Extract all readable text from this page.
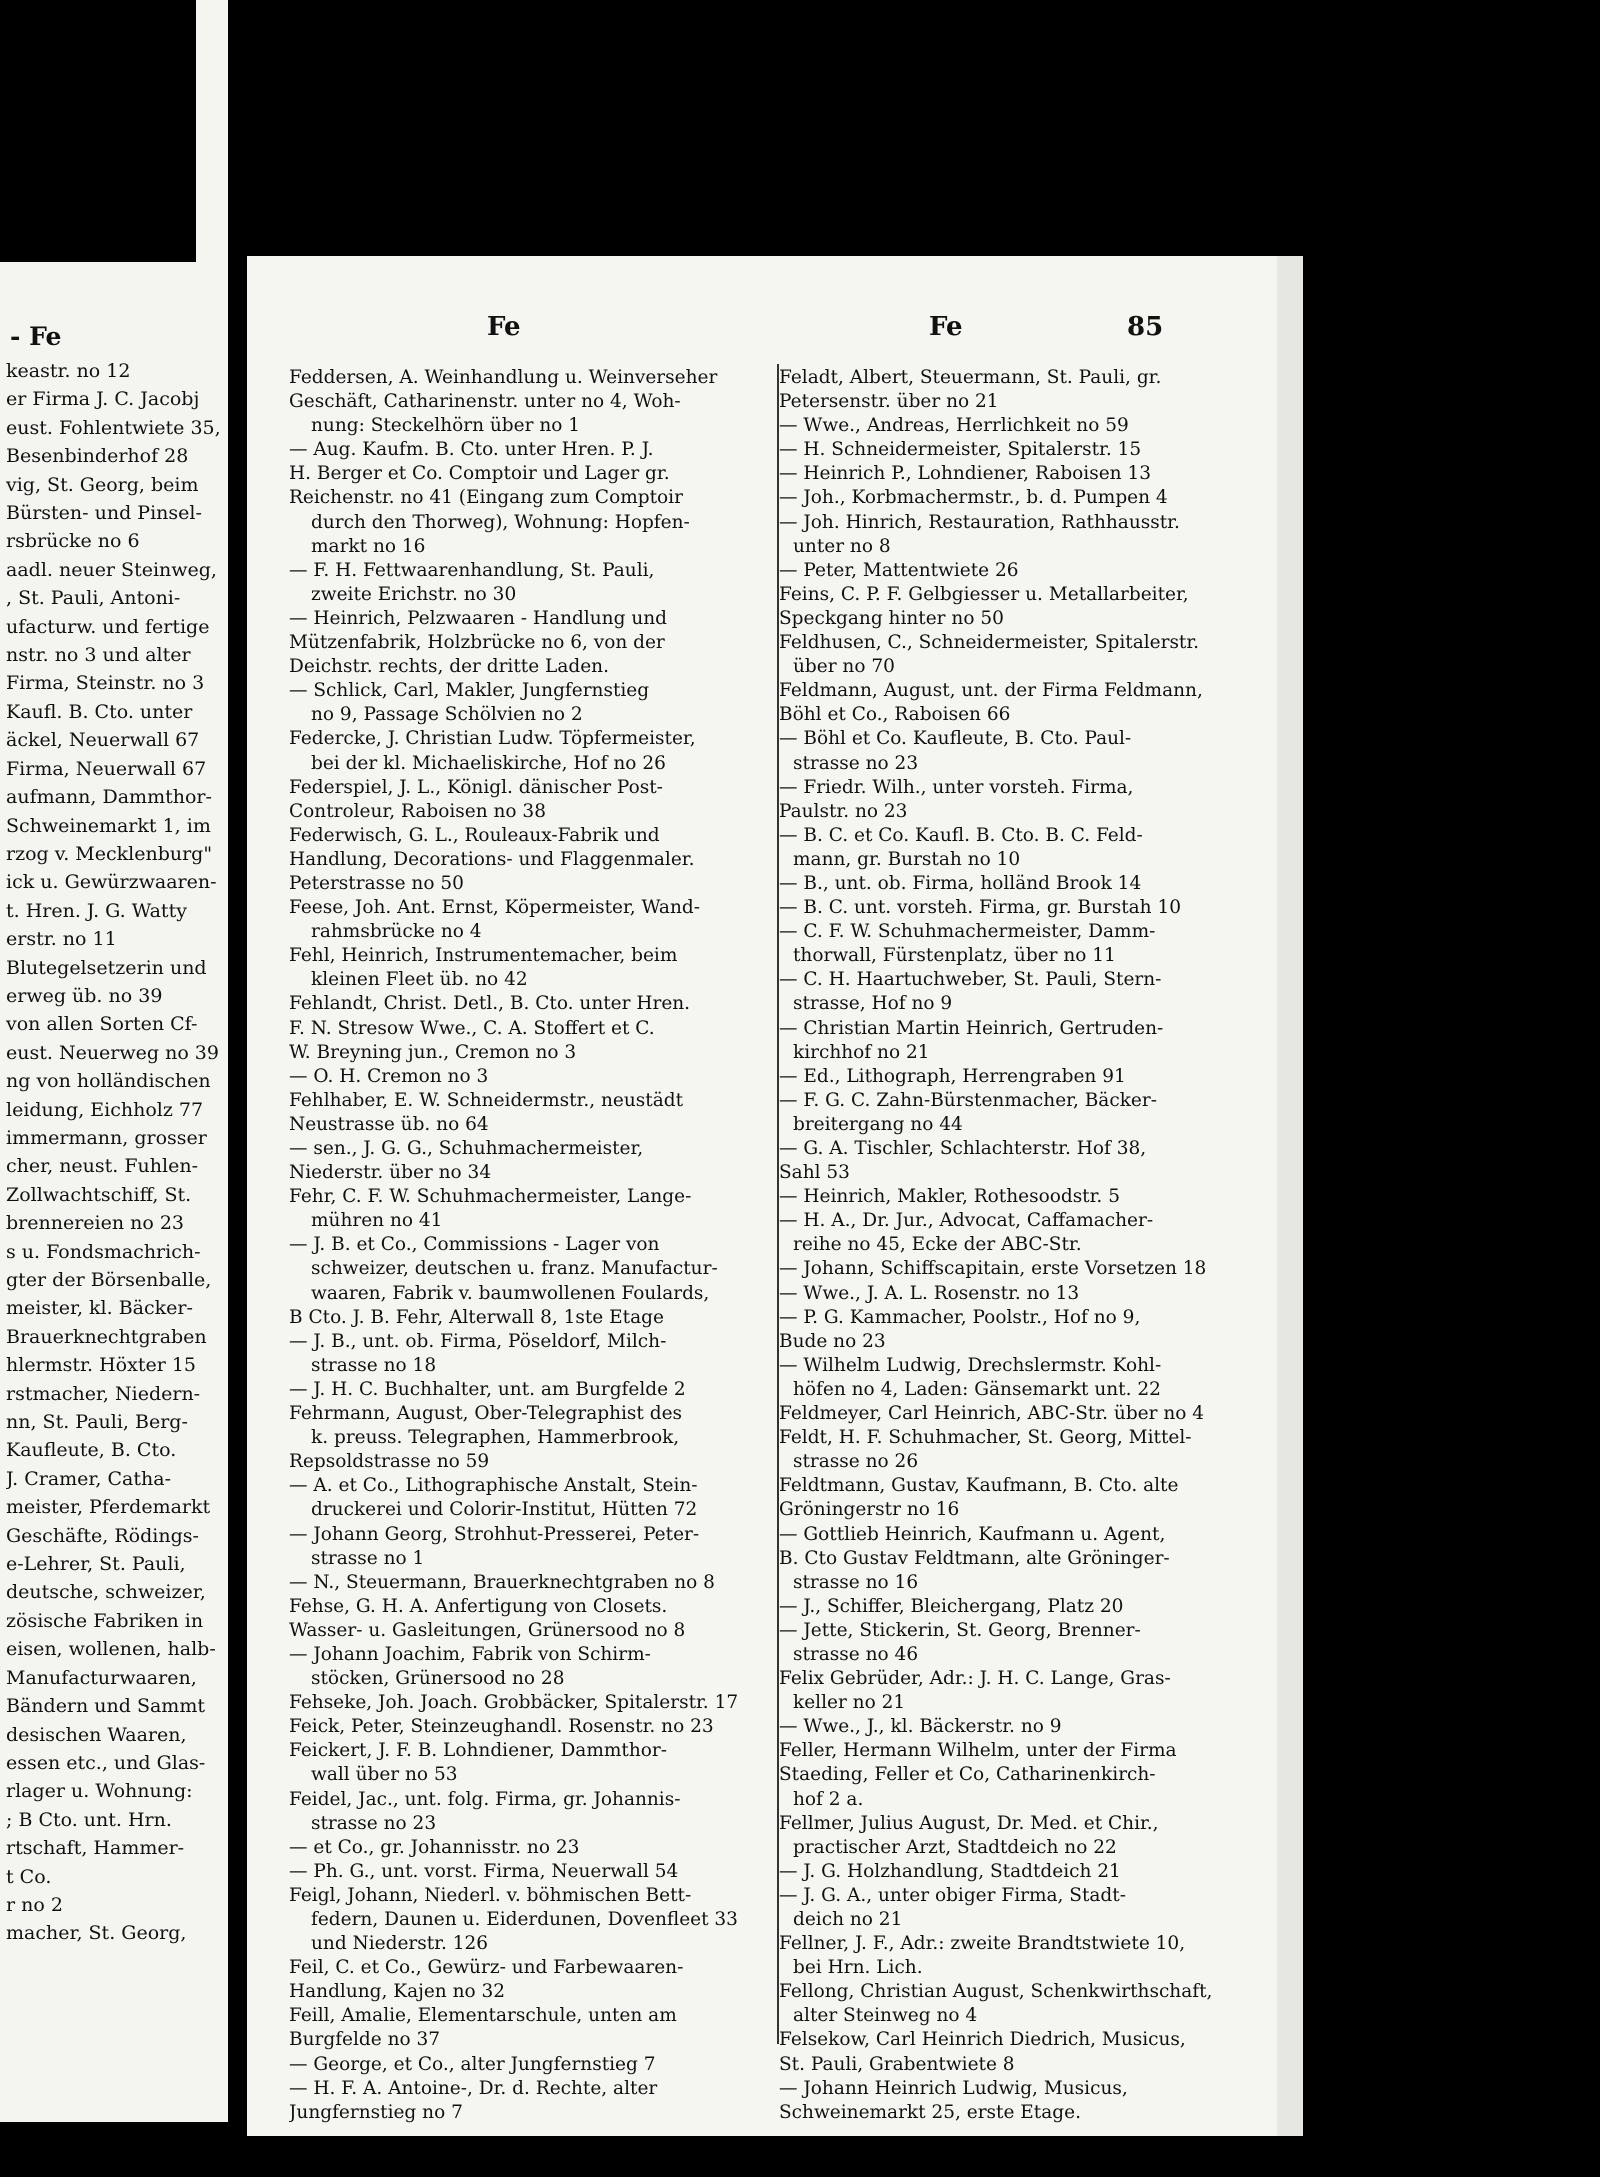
- Fe
keastr. no 12
er Firma J. C. Jacobj
eust. Fohlentwiete 35,
Besenbinderhof 28
vig, St. Georg, beim
Bürsten- und Pinsel-
rsbrücke no 6
aadl. neuer Steinweg,
, St. Pauli, Antoni-
ufacturw. und fertige
nstr. no 3 und alter
Firma, Steinstr. no 3
Kaufl. B. Cto. unter
äckel, Neuerwall 67
Firma, Neuerwall 67
aufmann, Dammthor-
Schweinemarkt 1, im
rzog v. Mecklenburg"
ick u. Gewürzwaaren-
t. Hren. J. G. Watty
erstr. no 11
Blutegelsetzerin und
erweg üb. no 39
von allen Sorten Cf-
eust. Neuerweg no 39
ng von holländischen
leidung, Eichholz 77
immermann, grosser
cher, neust. Fuhlen-
Zollwachtschiff, St.
brennereien no 23
s u. Fondsmachrich-
gter der Börsenballe,
meister, kl. Bäcker-
Brauerknechtgraben
hlermstr. Höxter 15
rstmacher, Niedern-
nn, St. Pauli, Berg-
Kaufleute, B. Cto.
J. Cramer, Catha-
meister, Pferdemarkt
Geschäfte, Rödings-
e-Lehrer, St. Pauli,
deutsche, schweizer,
zösische Fabriken in
eisen, wollenen, halb-
Manufacturwaaren,
Bändern und Sammt
desischen Waaren,
essen etc., und Glas-
rlager u. Wohnung:
; B Cto. unt. Hrn.
rtschaft, Hammer-
t Co.
r no 2
macher, St. Georg,
Fe	Fe	85
Feddersen, A. Weinhandlung u. Weinverseher
Geschäft, Catharinenstr. unter no 4, Woh-
nung: Steckelhörn über no 1
— Aug. Kaufm. B. Cto. unter Hren. P. J.
H. Berger et Co. Comptoir und Lager gr.
Reichenstr. no 41 (Eingang zum Comptoir
durch den Thorweg), Wohnung: Hopfen-
markt no 16
— F. H. Fettwaarenhandlung, St. Pauli,
zweite Erichstr. no 30
— Heinrich, Pelzwaaren - Handlung und
Mützenfabrik, Holzbrücke no 6, von der
Deichstr. rechts, der dritte Laden.
— Schlick, Carl, Makler, Jungfernstieg
no 9, Passage Schölvien no 2
Federcke, J. Christian Ludw. Töpfermeister,
bei der kl. Michaeliskirche, Hof no 26
Federspiel, J. L., Königl. dänischer Post-
Controleur, Raboisen no 38
Federwisch, G. L., Rouleaux-Fabrik und
Handlung, Decorations- und Flaggenmaler.
Peterstrasse no 50
Feese, Joh. Ant. Ernst, Köpermeister, Wand-
rahmsbrücke no 4
Fehl, Heinrich, Instrumentemacher, beim
kleinen Fleet üb. no 42
Fehlandt, Christ. Detl., B. Cto. unter Hren.
F. N. Stresow Wwe., C. A. Stoffert et C.
W. Breyning jun., Cremon no 3
— O. H. Cremon no 3
Fehlhaber, E. W. Schneidermstr., neustädt
Neustrasse üb. no 64
— sen., J. G. G., Schuhmachermeister,
Niederstr. über no 34
Fehr, C. F. W. Schuhmachermeister, Lange-
mühren no 41
— J. B. et Co., Commissions - Lager von
schweizer, deutschen u. franz. Manufactur-
waaren, Fabrik v. baumwollenen Foulards,
B Cto. J. B. Fehr, Alterwall 8, 1ste Etage
— J. B., unt. ob. Firma, Pöseldorf, Milch-
strasse no 18
— J. H. C. Buchhalter, unt. am Burgfelde 2
Fehrmann, August, Ober-Telegraphist des
k. preuss. Telegraphen, Hammerbrook,
Repsoldstrasse no 59
— A. et Co., Lithographische Anstalt, Stein-
druckerei und Colorir-Institut, Hütten 72
— Johann Georg, Strohhut-Presserei, Peter-
strasse no 1
— N., Steuermann, Brauerknechtgraben no 8
Fehse, G. H. A. Anfertigung von Closets.
Wasser- u. Gasleitungen, Grünersood no 8
— Johann Joachim, Fabrik von Schirm-
stöcken, Grünersood no 28
Fehseke, Joh. Joach. Grobbäcker, Spitalerstr. 17
Feick, Peter, Steinzeughandl. Rosenstr. no 23
Feickert, J. F. B. Lohndiener, Dammthor-
wall über no 53
Feidel, Jac., unt. folg. Firma, gr. Johannis-
strasse no 23
— et Co., gr. Johannisstr. no 23
— Ph. G., unt. vorst. Firma, Neuerwall 54
Feigl, Johann, Niederl. v. böhmischen Bett-
federn, Daunen u. Eiderdunen, Dovenfleet 33
und Niederstr. 126
Feil, C. et Co., Gewürz- und Farbewaaren-
Handlung, Kajen no 32
Feill, Amalie, Elementarschule, unten am
Burgfelde no 37
— George, et Co., alter Jungfernstieg 7
— H. F. A. Antoine-, Dr. d. Rechte, alter
Jungfernstieg no 7
Feladt, Albert, Steuermann, St. Pauli, gr.
Petersenstr. über no 21
— Wwe., Andreas, Herrlichkeit no 59
— H. Schneidermeister, Spitalerstr. 15
— Heinrich P., Lohndiener, Raboisen 13
— Joh., Korbmachermstr., b. d. Pumpen 4
— Joh. Hinrich, Restauration, Rathhausstr.
unter no 8
— Peter, Mattentwiete 26
Feins, C. P. F. Gelbgiesser u. Metallarbeiter,
Speckgang hinter no 50
Feldhusen, C., Schneidermeister, Spitalerstr.
über no 70
Feldmann, August, unt. der Firma Feldmann,
Böhl et Co., Raboisen 66
— Böhl et Co. Kaufleute, B. Cto. Paul-
strasse no 23
— Friedr. Wilh., unter vorsteh. Firma,
Paulstr. no 23
— B. C. et Co. Kaufl. B. Cto. B. C. Feld-
mann, gr. Burstah no 10
— B., unt. ob. Firma, holländ Brook 14
— B. C. unt. vorsteh. Firma, gr. Burstah 10
— C. F. W. Schuhmachermeister, Damm-
thorwall, Fürstenplatz, über no 11
— C. H. Haartuchweber, St. Pauli, Stern-
strasse, Hof no 9
— Christian Martin Heinrich, Gertruden-
kirchhof no 21
— Ed., Lithograph, Herrengraben 91
— F. G. C. Zahn-Bürstenmacher, Bäcker-
breitergang no 44
— G. A. Tischler, Schlachterstr. Hof 38,
Sahl 53
— Heinrich, Makler, Rothesoodstr. 5
— H. A., Dr. Jur., Advocat, Caffamacher-
reihe no 45, Ecke der ABC-Str.
— Johann, Schiffscapitain, erste Vorsetzen 18
— Wwe., J. A. L. Rosenstr. no 13
— P. G. Kammacher, Poolstr., Hof no 9,
Bude no 23
— Wilhelm Ludwig, Drechslermstr. Kohl-
höfen no 4, Laden: Gänsemarkt unt. 22
Feldmeyer, Carl Heinrich, ABC-Str. über no 4
Feldt, H. F. Schuhmacher, St. Georg, Mittel-
strasse no 26
Feldtmann, Gustav, Kaufmann, B. Cto. alte
Gröningerstr no 16
— Gottlieb Heinrich, Kaufmann u. Agent,
B. Cto Gustav Feldtmann, alte Gröninger-
strasse no 16
— J., Schiffer, Bleichergang, Platz 20
— Jette, Stickerin, St. Georg, Brenner-
strasse no 46
Felix Gebrüder, Adr.: J. H. C. Lange, Gras-
keller no 21
— Wwe., J., kl. Bäckerstr. no 9
Feller, Hermann Wilhelm, unter der Firma
Staeding, Feller et Co, Catharinenkirch-
hof 2 a.
Fellmer, Julius August, Dr. Med. et Chir.,
practischer Arzt, Stadtdeich no 22
— J. G. Holzhandlung, Stadtdeich 21
— J. G. A., unter obiger Firma, Stadt-
deich no 21
Fellner, J. F., Adr.: zweite Brandtstwiete 10,
bei Hrn. Lich.
Fellong, Christian August, Schenkwirthschaft,
alter Steinweg no 4
Felsekow, Carl Heinrich Diedrich, Musicus,
St. Pauli, Grabentwiete 8
— Johann Heinrich Ludwig, Musicus,
Schweinemarkt 25, erste Etage.
